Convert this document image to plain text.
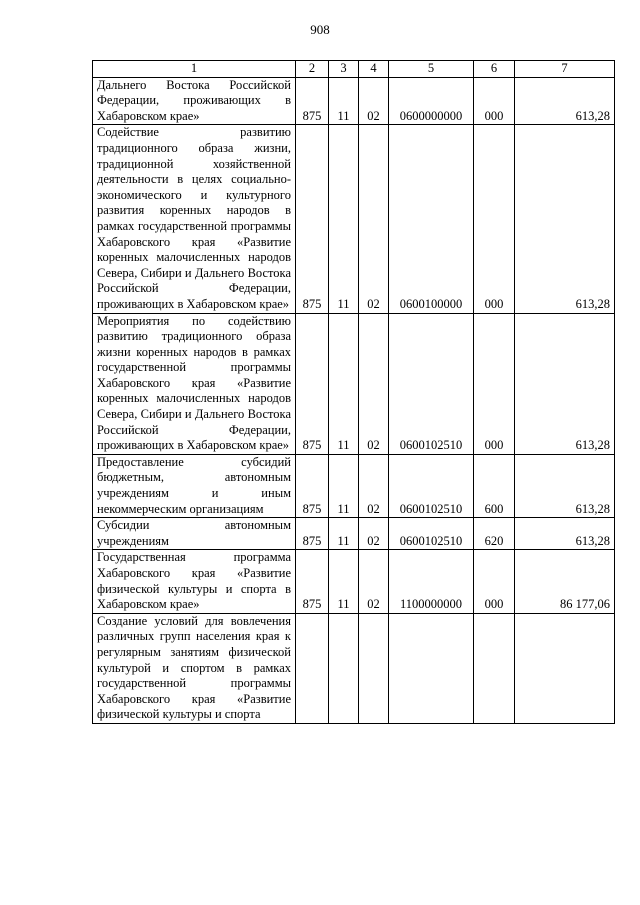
908
1	2	3	4	5	6	7
Дальнего Востока Российской Федерации, проживающих в Хабаровском крае»	875	11	02	0600000000	000	613,28
Содействие развитию традиционного образа жизни, традиционной хозяйственной деятельности в целях социально-экономического и культурного развития коренных народов в рамках государственной программы Хабаровского края «Развитие коренных малочисленных народов Севера, Сибири и Дальнего Востока Российской Федерации, проживающих в Хабаровском крае»	875	11	02	0600100000	000	613,28
Мероприятия по содействию развитию традиционного образа жизни коренных народов в рамках государственной программы Хабаровского края «Развитие коренных малочисленных народов Севера, Сибири и Дальнего Востока Российской Федерации, проживающих в Хабаровском крае»	875	11	02	0600102510	000	613,28
Предоставление субсидий бюджетным, автономным учреждениям и иным некоммерческим организациям	875	11	02	0600102510	600	613,28
Субсидии автономным учреждениям	875	11	02	0600102510	620	613,28
Государственная программа Хабаровского края «Развитие физической культуры и спорта в Хабаровском крае»	875	11	02	1100000000	000	86 177,06
Создание условий для вовлечения различных групп населения края к регулярным занятиям физической культурой и спортом в рамках государственной программы Хабаровского края «Развитие физической культуры и спорта						
